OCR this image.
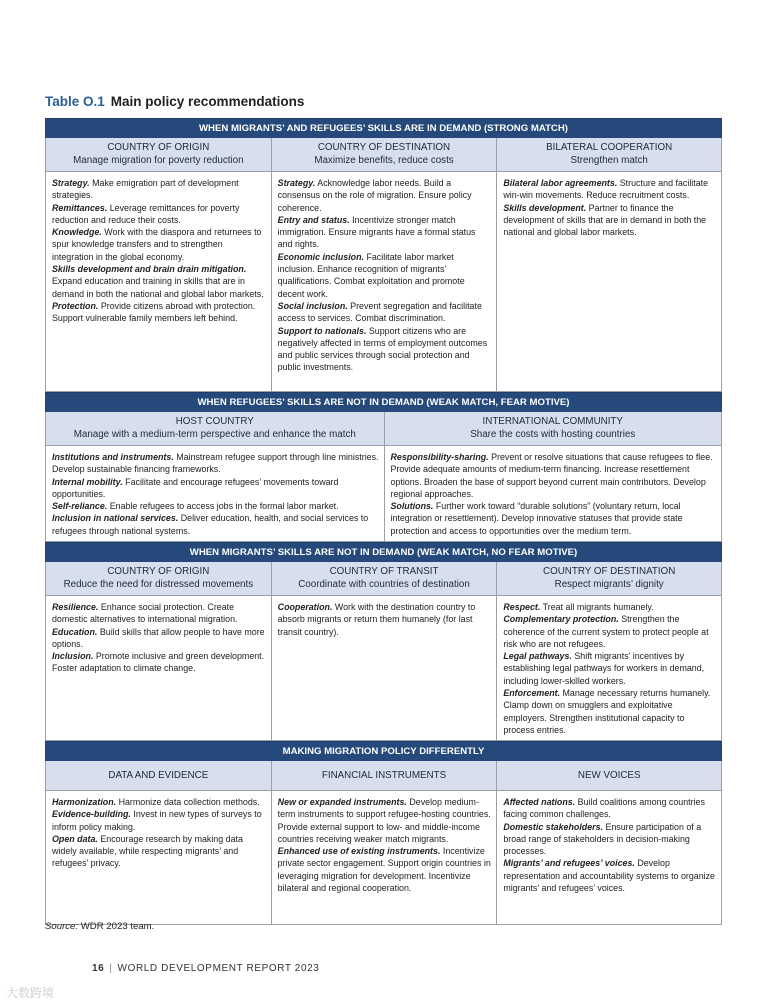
Table O.1 Main policy recommendations
WHEN MIGRANTS’ AND REFUGEES’ SKILLS ARE IN DEMAND (STRONG MATCH)
COUNTRY OF ORIGIN
Manage migration for poverty reduction
COUNTRY OF DESTINATION
Maximize benefits, reduce costs
BILATERAL COOPERATION
Strengthen match

Strategy. Make emigration part of development strategies.

Remittances. Leverage remittances for poverty reduction and reduce their costs.

Knowledge. Work with the diaspora and returnees to spur knowledge transfers and to strengthen integration in the global economy.

Skills development and brain drain mitigation. Expand education and training in skills that are in demand in both the national and global labor markets.

Protection. Provide citizens abroad with protection. Support vulnerable family members left behind.

Strategy. Acknowledge labor needs. Build a consensus on the role of migration. Ensure policy coherence.

Entry and status. Incentivize stronger match immigration. Ensure migrants have a formal status and rights.

Economic inclusion. Facilitate labor market inclusion. Enhance recognition of migrants’ qualifications. Combat exploitation and promote decent work.

Social inclusion. Prevent segregation and facilitate access to services. Combat discrimination.

Support to nationals. Support citizens who are negatively affected in terms of employment outcomes and public services through social protection and public investments.

Bilateral labor agreements. Structure and facilitate win-win movements. Reduce recruitment costs.

Skills development. Partner to finance the development of skills that are in demand in both the national and global labor markets.

WHEN REFUGEES’ SKILLS ARE NOT IN DEMAND (WEAK MATCH, FEAR MOTIVE)
HOST COUNTRY
Manage with a medium-term perspective and enhance the match
INTERNATIONAL COMMUNITY
Share the costs with hosting countries

Institutions and instruments. Mainstream refugee support through line ministries. Develop sustainable financing frameworks.

Internal mobility. Facilitate and encourage refugees’ movements toward opportunities.

Self-reliance. Enable refugees to access jobs in the formal labor market.

Inclusion in national services. Deliver education, health, and social services to refugees through national systems.

Responsibility-sharing. Prevent or resolve situations that cause refugees to flee. Provide adequate amounts of medium-term financing. Increase resettlement options. Broaden the base of support beyond current main contributors. Develop regional approaches.

Solutions. Further work toward “durable solutions” (voluntary return, local integration or resettlement). Develop innovative statuses that provide state protection and access to opportunities over the medium term.

WHEN MIGRANTS’ SKILLS ARE NOT IN DEMAND (WEAK MATCH, NO FEAR MOTIVE)
COUNTRY OF ORIGIN
Reduce the need for distressed movements
COUNTRY OF TRANSIT
Coordinate with countries of destination
COUNTRY OF DESTINATION
Respect migrants’ dignity

Resilience. Enhance social protection. Create domestic alternatives to international migration.

Education. Build skills that allow people to have more options.

Inclusion. Promote inclusive and green development. Foster adaptation to climate change.

Cooperation. Work with the destination country to absorb migrants or return them humanely (for last transit country).

Respect. Treat all migrants humanely.

Complementary protection. Strengthen the coherence of the current system to protect people at risk who are not refugees.

Legal pathways. Shift migrants’ incentives by establishing legal pathways for workers in demand, including lower-skilled workers.

Enforcement. Manage necessary returns humanely. Clamp down on smugglers and exploitative employers. Strengthen institutional capacity to process entries.

MAKING MIGRATION POLICY DIFFERENTLY
DATA AND EVIDENCE	FINANCIAL INSTRUMENTS	NEW VOICES

Harmonization. Harmonize data collection methods.

Evidence-building. Invest in new types of surveys to inform policy making.

Open data. Encourage research by making data widely available, while respecting migrants’ and refugees’ privacy.

New or expanded instruments. Develop medium-term instruments to support refugee-hosting countries. Provide external support to low- and middle-income countries receiving weaker match migrants.

Enhanced use of existing instruments. Incentivize private sector engagement. Support origin countries in leveraging migration for development. Incentivize bilateral and regional cooperation.

Affected nations. Build coalitions among countries facing common challenges.

Domestic stakeholders. Ensure participation of a broad range of stakeholders in decision-making processes.

Migrants’ and refugees’ voices. Develop representation and accountability systems to organize migrants’ and refugees’ voices.

Source: WDR 2023 team.
16 | WORLD DEVELOPMENT REPORT 2023
大数跨境
